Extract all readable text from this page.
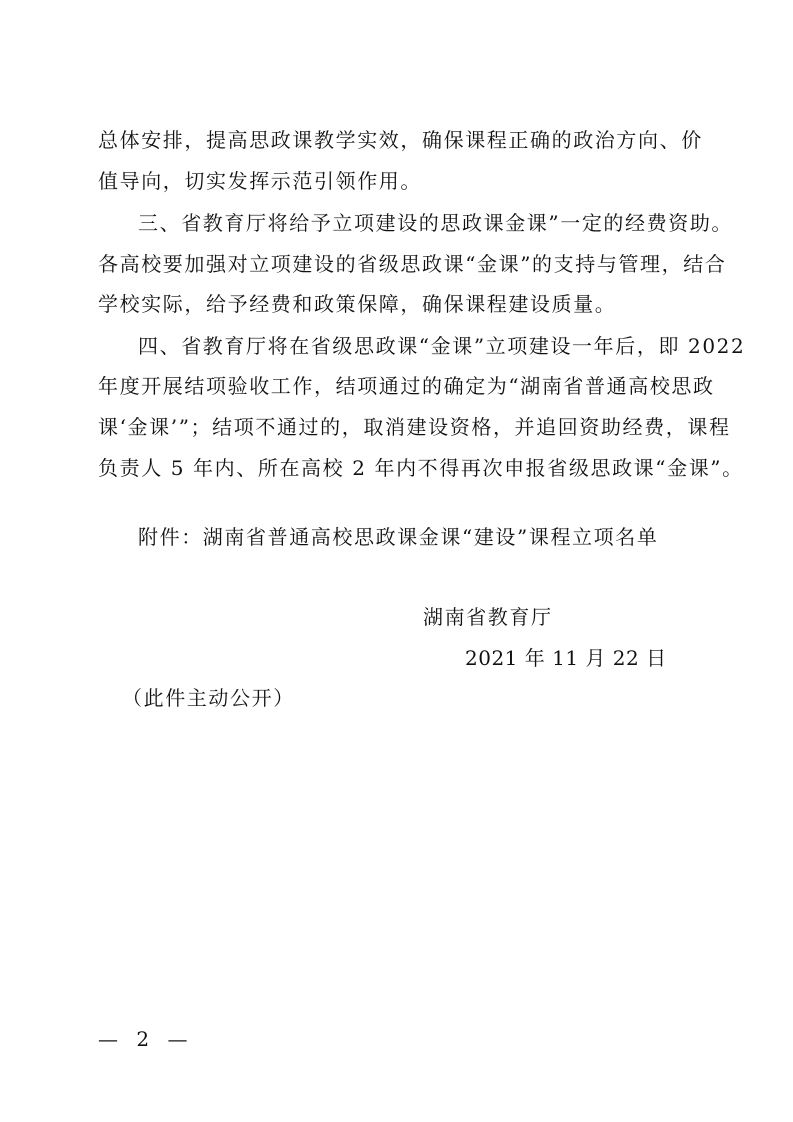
总体安排，提高思政课教学实效，确保课程正确的政治方向、价

值导向，切实发挥示范引领作用。

三、省教育厅将给予立项建设的思政课金课”一定的经费资助。

各高校要加强对立项建设的省级思政课“金课”的支持与管理，结合

学校实际，给予经费和政策保障，确保课程建设质量。

四、省教育厅将在省级思政课“金课”立项建设一年后，即 2022

年度开展结项验收工作，结项通过的确定为“湖南省普通高校思政

课‘金课’”；结项不通过的，取消建设资格，并追回资助经费，课程

负责人 5 年内、所在高校 2 年内不得再次申报省级思政课“金课”。

附件：湖南省普通高校思政课金课“建设”课程立项名单

湖南省教育厅

2021 年 11 月 22 日

（此件主动公开）

— 2 —
